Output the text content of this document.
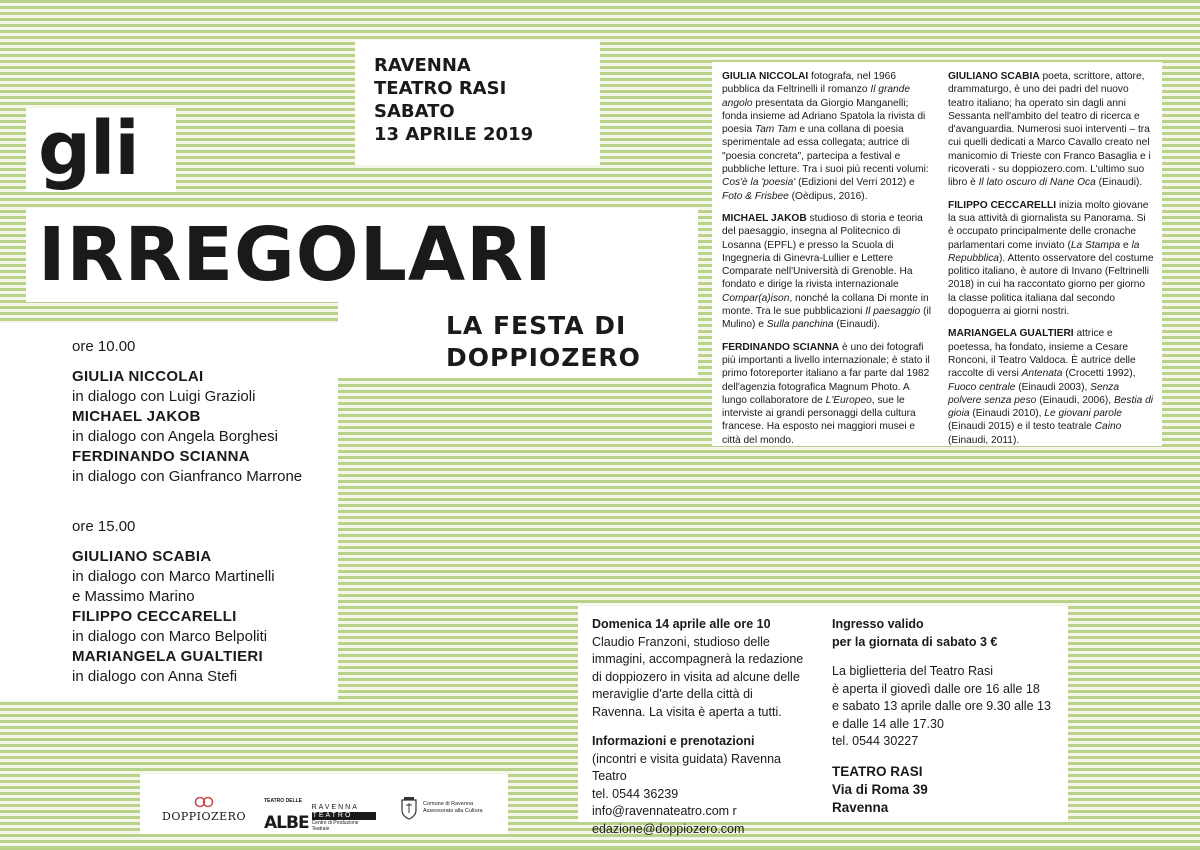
RAVENNA
TEATRO RASI
SABATO
13 APRILE 2019
gli
IRREGOLARI
LA FESTA DI
DOPPIOZERO
ore 10.00
GIULIA NICCOLAI
in dialogo con Luigi Grazioli
MICHAEL JAKOB
in dialogo con Angela Borghesi
FERDINANDO SCIANNA
in dialogo con Gianfranco Marrone
ore 15.00
GIULIANO SCABIA
in dialogo con Marco Martinelli
e Massimo Marino
FILIPPO CECCARELLI
in dialogo con Marco Belpoliti
MARIANGELA GUALTIERI
in dialogo con Anna Stefi

GIULIA NICCOLAI fotografa, nel 1966 pubblica da Feltrinelli il romanzo Il grande angolo presentata da Giorgio Manganelli; fonda insieme ad Adriano Spatola la rivista di poesia Tam Tam e una collana di poesia sperimentale ad essa collegata; autrice di "poesia concreta", partecipa a festival e pubbliche letture. Tra i suoi più recenti volumi: Cos'è la 'poesia' (Edizioni del Verri 2012) e Foto & Frisbee (Oèdipus, 2016).

MICHAEL JAKOB studioso di storia e teoria del paesaggio, insegna al Politecnico di Losanna (EPFL) e presso la Scuola di Ingegneria di Ginevra-Lullier e Lettere Comparate nell'Università di Grenoble. Ha fondato e dirige la rivista internazionale Compar(a)ison, nonché la collana Di monte in monte. Tra le sue pubblicazioni Il paesaggio (il Mulino) e Sulla panchina (Einaudi).

FERDINANDO SCIANNA è uno dei fotografi più importanti a livello internazionale; è stato il primo fotoreporter italiano a far parte dal 1982 dell'agenzia fotografica Magnum Photo. A lungo collaboratore de L'Europeo, sue le interviste ai grandi personaggi della cultura francese. Ha esposto nei maggiori musei e città del mondo.

GIULIANO SCABIA poeta, scrittore, attore, drammaturgo, è uno dei padri del nuovo teatro italiano; ha operato sin dagli anni Sessanta nell'ambito del teatro di ricerca e d'avanguardia. Numerosi suoi interventi – tra cui quelli dedicati a Marco Cavallo creato nel manicomio di Trieste con Franco Basaglia e i ricoverati - su doppiozero.com. L'ultimo suo libro è Il lato oscuro di Nane Oca (Einaudi).

FILIPPO CECCARELLI inizia molto giovane la sua attività di giornalista su Panorama. Si è occupato principalmente delle cronache parlamentari come inviato (La Stampa e la Repubblica). Attento osservatore del costume politico italiano, è autore di Invano (Feltrinelli 2018) in cui ha raccontato giorno per giorno la classe politica italiana dal secondo dopoguerra ai giorni nostri.

MARIANGELA GUALTIERI attrice e poetessa, ha fondato, insieme a Cesare Ronconi, il Teatro Valdoca. È autrice delle raccolte di versi Antenata (Crocetti 1992), Fuoco centrale (Einaudi 2003), Senza polvere senza peso (Einaudi, 2006), Bestia di gioia (Einaudi 2010), Le giovani parole (Einaudi 2015) e il testo teatrale Caino (Einaudi, 2011).

Domenica 14 aprile alle ore 10
Claudio Franzoni, studioso delle immagini, accompagnerà la redazione di doppiozero in visita ad alcune delle meraviglie d'arte della città di Ravenna. La visita è aperta a tutti.

Informazioni e prenotazioni
(incontri e visita guidata) Ravenna Teatro
tel. 0544 36239
info@ravennateatro.com r
edazione@doppiozero.com

Ingresso valido
per la giornata di sabato 3 €

La biglietteria del Teatro Rasi
è aperta il giovedì dalle ore 16 alle 18
e sabato 13 aprile dalle ore 9.30 alle 13
e dalle 14 alle 17.30
tel. 0544 30227

TEATRO RASI
Via di Roma 39
Ravenna

DOPPIOZERO
TEATRO DELLE
ALBE
RAVENNA
TEATRO
Centro di Produzione Teatrale
Comune di Ravenna
Assessorato alla Cultura
